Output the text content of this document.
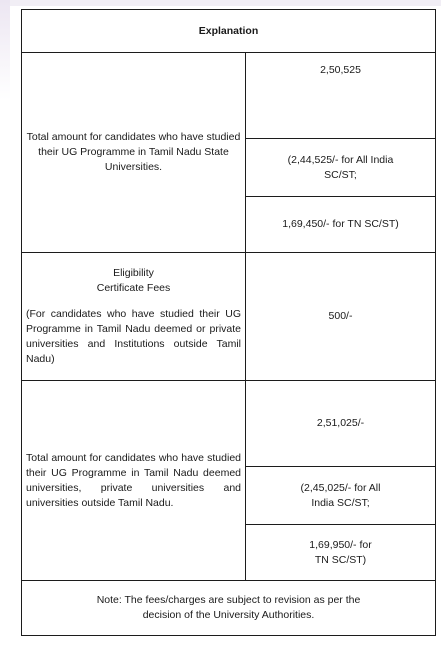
Explanation	
Total amount for candidates who have studied their UG Programme in Tamil Nadu State Universities.	2,50,525
	(2,44,525/- for All India SC/ST;
	1,69,450/- for TN SC/ST)

Eligibility
Certificate Fees
(For candidates who have studied their UG Programme in Tamil Nadu deemed or private universities and Institutions outside Tamil Nadu)	500/-
Total amount for candidates who have studied their UG Programme in Tamil Nadu deemed universities, private universities and universities outside Tamil Nadu.	2,51,025/-
	(2,45,025/- for All India SC/ST;
	1,69,950/- for TN SC/ST)
Note: The fees/charges are subject to revision as per the decision of the University Authorities.	
